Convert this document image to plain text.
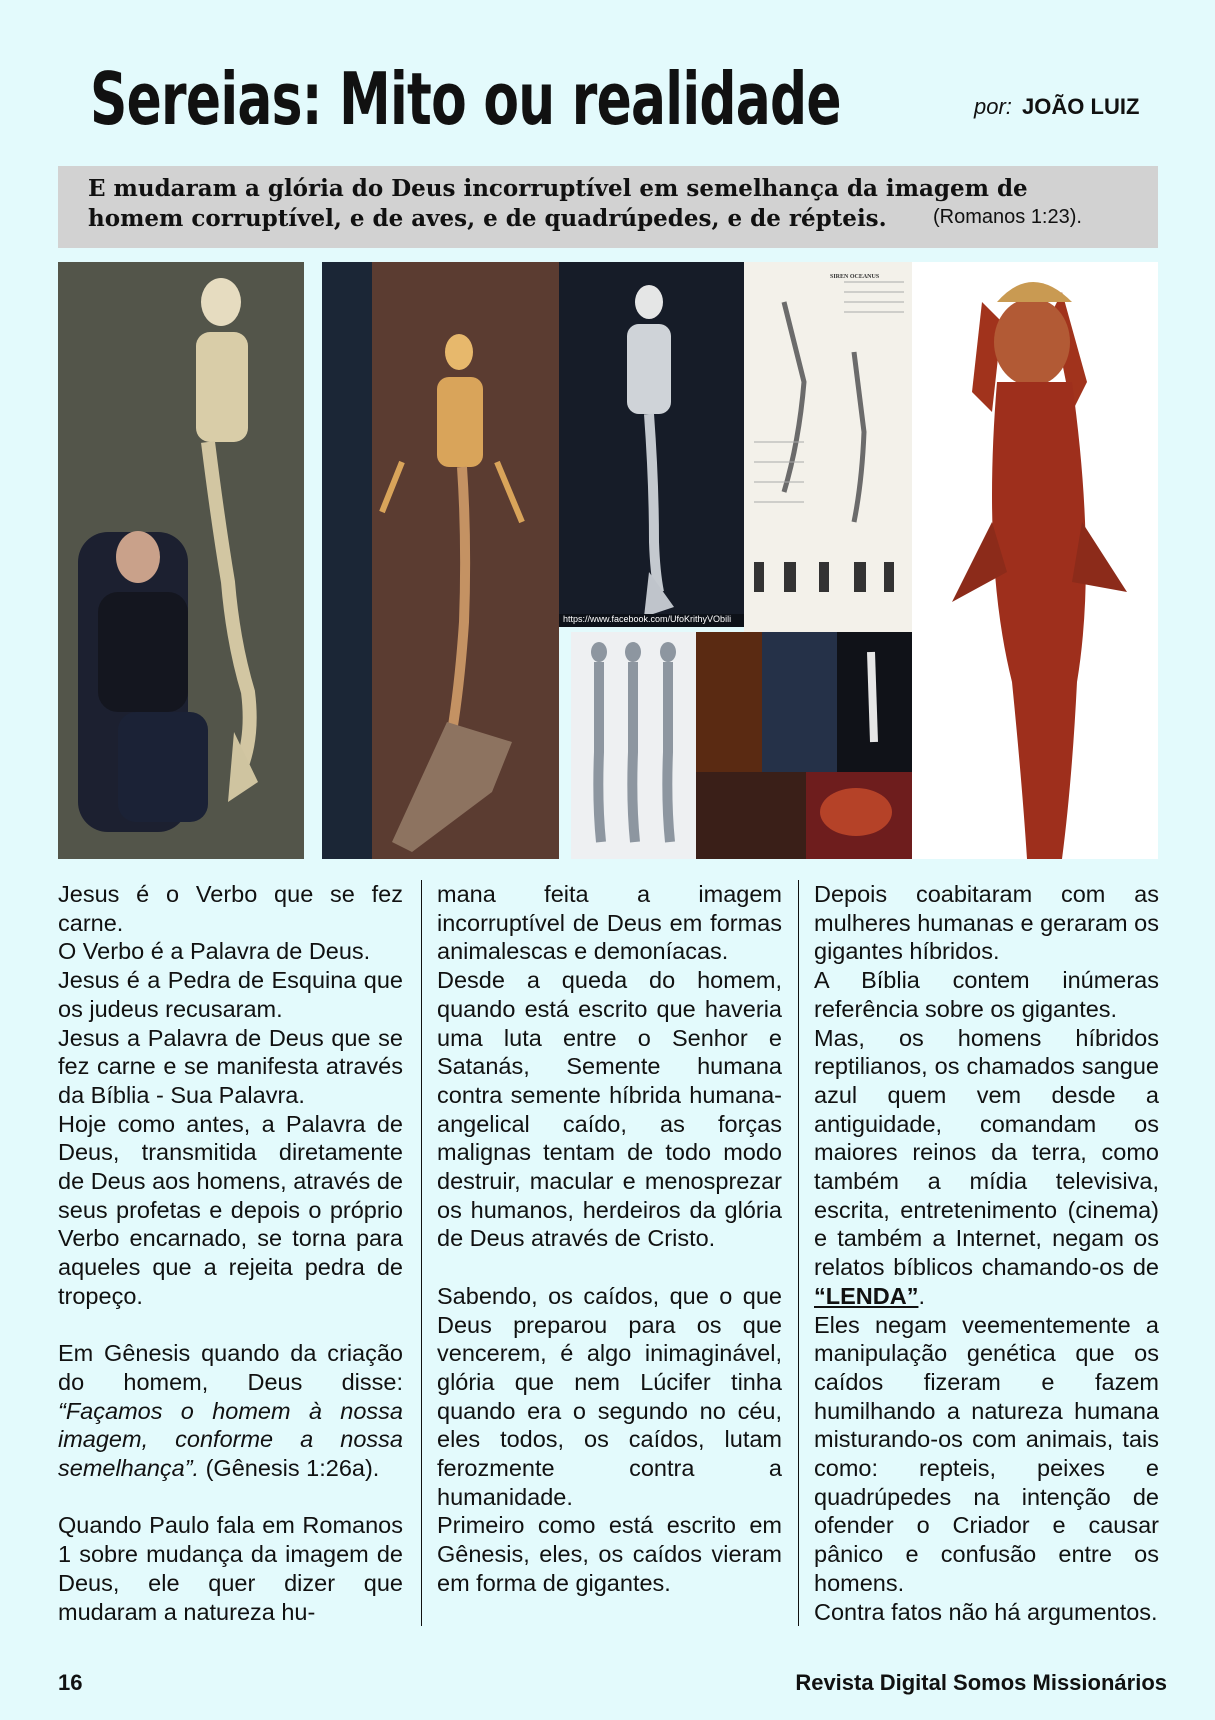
Sereias: Mito ou realidade	por: JOÃO LUIZ
E mudaram a glória do Deus incorruptível em semelhança da imagem de homem corruptível, e de aves, e de quadrúpedes, e de répteis.	(Romanos 1:23).
https://www.facebook.com/UfoKrithyVObili
SIREN OCEANUS

Jesus é o Verbo que se fez carne.

O Verbo é a Palavra de Deus.

Jesus é a Pedra de Esquina que os judeus recusaram.

Jesus a Palavra de Deus que se fez carne e se manifesta através da Bíblia - Sua Palavra.

Hoje como antes, a Palavra de Deus, transmitida diretamente de Deus aos homens, através de seus profetas e depois o próprio Verbo encarnado, se torna para aqueles que a rejeita pedra de tropeço.

Em Gênesis quando da criação do homem, Deus disse: “Façamos o homem à nossa imagem, conforme a nossa semelhança”. (Gênesis 1:26a).

Quando Paulo fala em Romanos 1 sobre mudança da imagem de Deus, ele quer dizer que mudaram a natureza hu-

mana feita a imagem incorruptível de Deus em formas animalescas e demoníacas.

Desde a queda do homem, quando está escrito que haveria uma luta entre o Senhor e Satanás, Semente humana contra semente híbrida humana-angelical caído, as forças malignas tentam de todo modo destruir, macular e menosprezar os humanos, herdeiros da glória de Deus através de Cristo.

Sabendo, os caídos, que o que Deus preparou para os que vencerem, é algo inimaginável, glória que nem Lúcifer tinha quando era o segundo no céu, eles todos, os caídos, lutam ferozmente contra a humanidade.

Primeiro como está escrito em Gênesis, eles, os caídos vieram em forma de gigantes.

Depois coabitaram com as mulheres humanas e geraram os gigantes híbridos.

A Bíblia contem inúmeras referência sobre os gigantes.

Mas, os homens híbridos reptilianos, os chamados sangue azul quem vem desde a antiguidade, comandam os maiores reinos da terra, como também a mídia televisiva, escrita, entretenimento (cinema) e também a Internet, negam os relatos bíblicos chamando-os de “LENDA”.

Eles negam veementemente a manipulação genética que os caídos fizeram e fazem humilhando a natureza humana misturando-os com animais, tais como: repteis, peixes e quadrúpedes na intenção de ofender o Criador e causar pânico e confusão entre os homens.

Contra fatos não há argumentos.

16	Revista Digital Somos Missionários
